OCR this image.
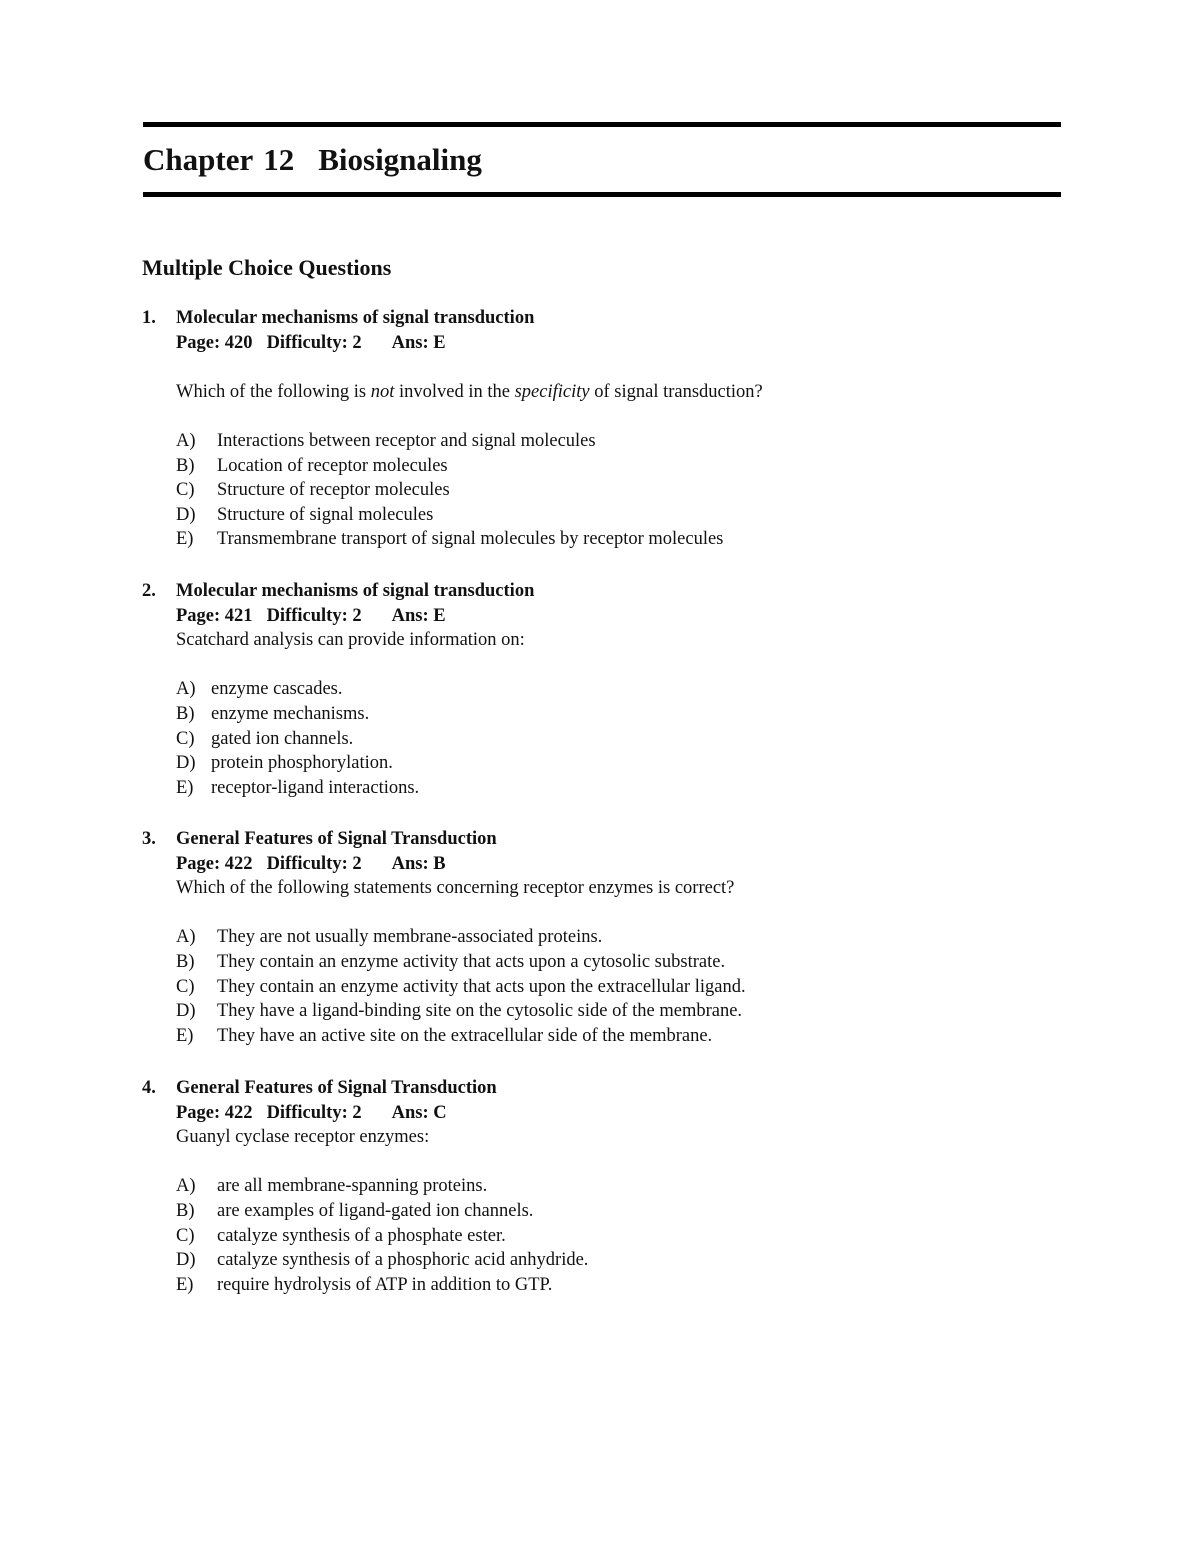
Chapter 12 Biosignaling
Multiple Choice Questions
1. Molecular mechanisms of signal transduction
Page: 420 Difficulty: 2 Ans: E
Which of the following is not involved in the specificity of signal transduction?
A) Interactions between receptor and signal molecules
B) Location of receptor molecules
C) Structure of receptor molecules
D) Structure of signal molecules
E) Transmembrane transport of signal molecules by receptor molecules
2. Molecular mechanisms of signal transduction
Page: 421 Difficulty: 2 Ans: E
Scatchard analysis can provide information on:
A) enzyme cascades.
B) enzyme mechanisms.
C) gated ion channels.
D) protein phosphorylation.
E) receptor-ligand interactions.
3. General Features of Signal Transduction
Page: 422 Difficulty: 2 Ans: B
Which of the following statements concerning receptor enzymes is correct?
A) They are not usually membrane-associated proteins.
B) They contain an enzyme activity that acts upon a cytosolic substrate.
C) They contain an enzyme activity that acts upon the extracellular ligand.
D) They have a ligand-binding site on the cytosolic side of the membrane.
E) They have an active site on the extracellular side of the membrane.
4. General Features of Signal Transduction
Page: 422 Difficulty: 2 Ans: C
Guanyl cyclase receptor enzymes:
A) are all membrane-spanning proteins.
B) are examples of ligand-gated ion channels.
C) catalyze synthesis of a phosphate ester.
D) catalyze synthesis of a phosphoric acid anhydride.
E) require hydrolysis of ATP in addition to GTP.
